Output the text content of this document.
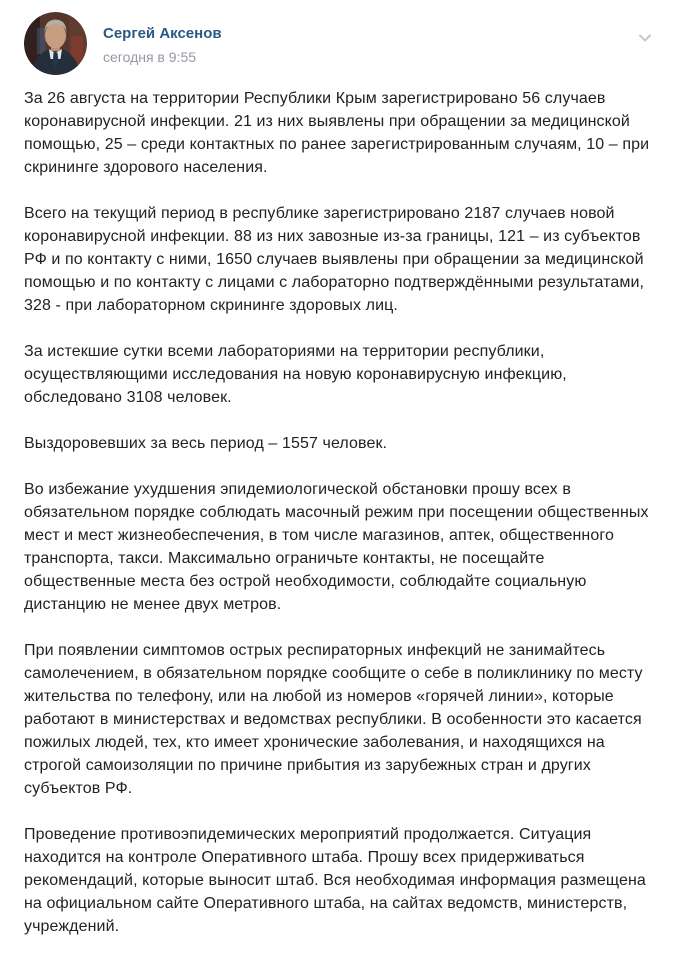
Сергей Аксенов
сегодня в 9:55

За 26 августа на территории Республики Крым зарегистрировано 56 случаев коронавирусной инфекции. 21 из них выявлены при обращении за медицинской помощью, 25 – среди контактных по ранее зарегистрированным случаям, 10 – при скрининге здорового населения.

Всего на текущий период в республике зарегистрировано 2187 случаев новой коронавирусной инфекции. 88 из них завозные из-за границы, 121 – из субъектов РФ и по контакту с ними, 1650 случаев выявлены при обращении за медицинской помощью и по контакту с лицами с лабораторно подтверждёнными результатами, 328 - при лабораторном скрининге здоровых лиц.

За истекшие сутки всеми лабораториями на территории республики, осуществляющими исследования на новую коронавирусную инфекцию, обследовано 3108 человек.

Выздоровевших за весь период – 1557 человек.

Во избежание ухудшения эпидемиологической обстановки прошу всех в обязательном порядке соблюдать масочный режим при посещении общественных мест и мест жизнеобеспечения, в том числе магазинов, аптек, общественного транспорта, такси. Максимально ограничьте контакты, не посещайте общественные места без острой необходимости, соблюдайте социальную дистанцию не менее двух метров.

При появлении симптомов острых респираторных инфекций не занимайтесь самолечением, в обязательном порядке сообщите о себе в поликлинику по месту жительства по телефону, или на любой из номеров «горячей линии», которые работают в министерствах и ведомствах республики. В особенности это касается пожилых людей, тех, кто имеет хронические заболевания, и находящихся на строгой самоизоляции по причине прибытия из зарубежных стран и других субъектов РФ.

Проведение противоэпидемических мероприятий продолжается. Ситуация находится на контроле Оперативного штаба. Прошу всех придерживаться рекомендаций, которые выносит штаб. Вся необходимая информация размещена на официальном сайте Оперативного штаба, на сайтах ведомств, министерств, учреждений.
